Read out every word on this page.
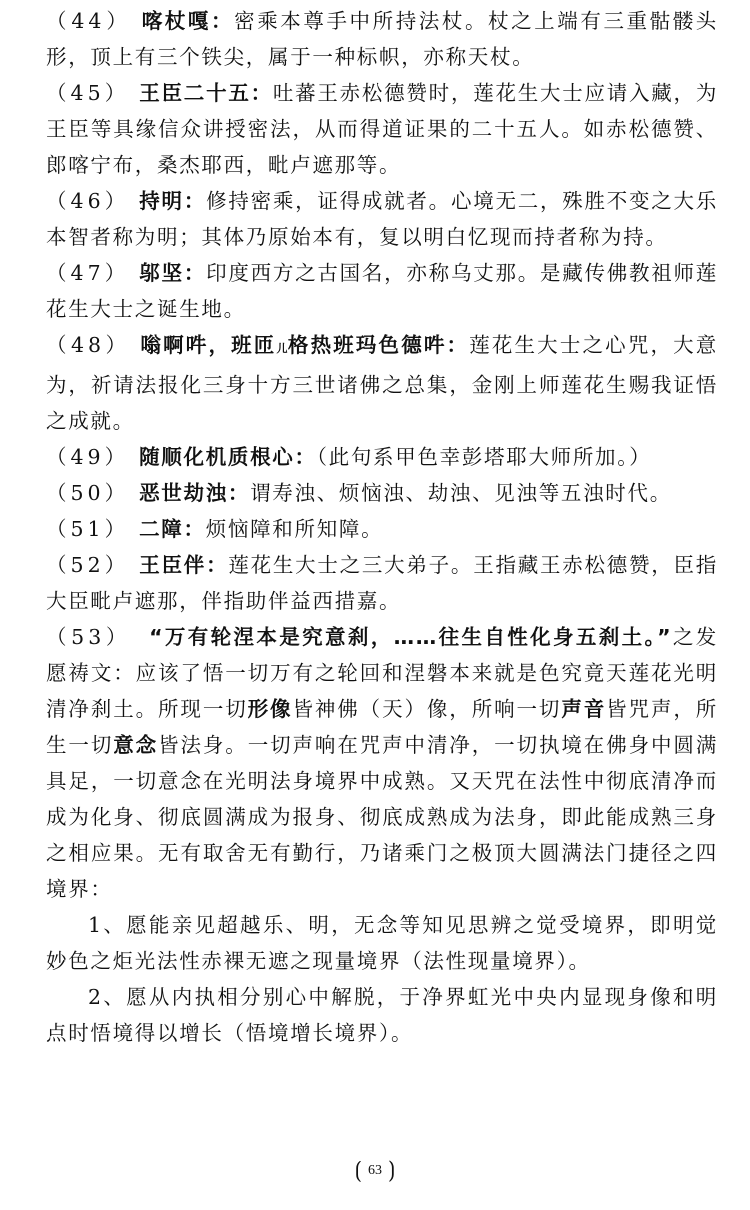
（44） 喀杖嘎：密乘本尊手中所持法杖。杖之上端有三重骷髅头形，顶上有三个铁尖，属于一种标帜，亦称天杖。

（45） 王臣二十五：吐蕃王赤松德赞时，莲花生大士应请入藏，为王臣等具缘信众讲授密法，从而得道证果的二十五人。如赤松德赞、郎喀宁布，桑杰耶西，毗卢遮那等。

（46） 持明：修持密乘，证得成就者。心境无二，殊胜不变之大乐本智者称为明；其体乃原始本有，复以明白忆现而持者称为持。

（47） 邬坚：印度西方之古国名，亦称乌丈那。是藏传佛教祖师莲花生大士之诞生地。

（48） 嗡啊吽，班匝儿格热班玛色德吽：莲花生大士之心咒，大意为，祈请法报化三身十方三世诸佛之总集，金刚上师莲花生赐我证悟之成就。

（49） 随顺化机质根心：（此句系甲色幸彭塔耶大师所加。）

（50） 恶世劫浊：谓寿浊、烦恼浊、劫浊、见浊等五浊时代。

（51） 二障：烦恼障和所知障。

（52） 王臣伴：莲花生大士之三大弟子。王指藏王赤松德赞，臣指大臣毗卢遮那，伴指助伴益西措嘉。

（53） “万有轮涅本是究意刹，……往生自性化身五刹土。”之发愿祷文：应该了悟一切万有之轮回和涅磐本来就是色究竟天莲花光明清净刹土。所现一切形像皆神佛（天）像，所响一切声音皆咒声，所生一切意念皆法身。一切声响在咒声中清净，一切执境在佛身中圆满具足，一切意念在光明法身境界中成熟。又天咒在法性中彻底清净而成为化身、彻底圆满成为报身、彻底成熟成为法身，即此能成熟三身之相应果。无有取舍无有勤行，乃诸乘门之极顶大圆满法门捷径之四境界：

1、愿能亲见超越乐、明，无念等知见思辨之觉受境界，即明觉妙色之炬光法性赤裸无遮之现量境界（法性现量境界）。

2、愿从内执相分别心中解脱，于净界虹光中央内显现身像和明点时悟境得以增长（悟境增长境界）。

⟮ 63 ⟯
